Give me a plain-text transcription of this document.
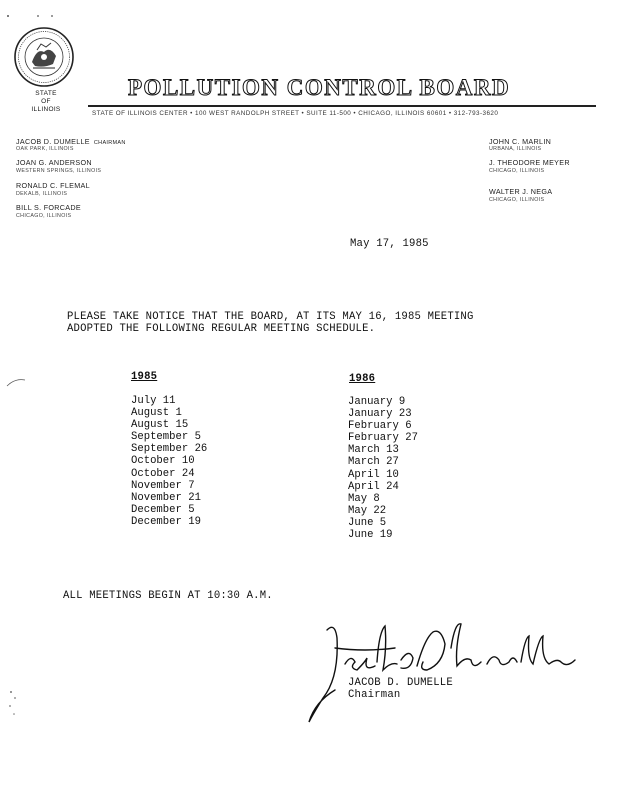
STATE
OF
ILLINOIS
POLLUTION CONTROL BOARD
STATE OF ILLINOIS CENTER • 100 WEST RANDOLPH STREET • SUITE 11-500 • CHICAGO, ILLINOIS 60601 • 312-793-3620
JACOB D. DUMELLE CHAIRMAN
OAK PARK, ILLINOIS
JOAN G. ANDERSON
WESTERN SPRINGS, ILLINOIS
RONALD C. FLEMAL
DEKALB, ILLINOIS
BILL S. FORCADE
CHICAGO, ILLINOIS
JOHN C. MARLIN
URBANA, ILLINOIS
J. THEODORE MEYER
CHICAGO, ILLINOIS
WALTER J. NEGA
CHICAGO, ILLINOIS
May 17, 1985
PLEASE TAKE NOTICE THAT THE BOARD, AT ITS MAY 16, 1985 MEETING
ADOPTED THE FOLLOWING REGULAR MEETING SCHEDULE.
1985
July 11
August 1
August 15
September 5
September 26
October 10
October 24
November 7
November 21
December 5
December 19
1986
January 9
January 23
February 6
February 27
March 13
March 27
April 10
April 24
May 8
May 22
June 5
June 19
ALL MEETINGS BEGIN AT 10:30 A.M.
JACOB D. DUMELLE
Chairman
